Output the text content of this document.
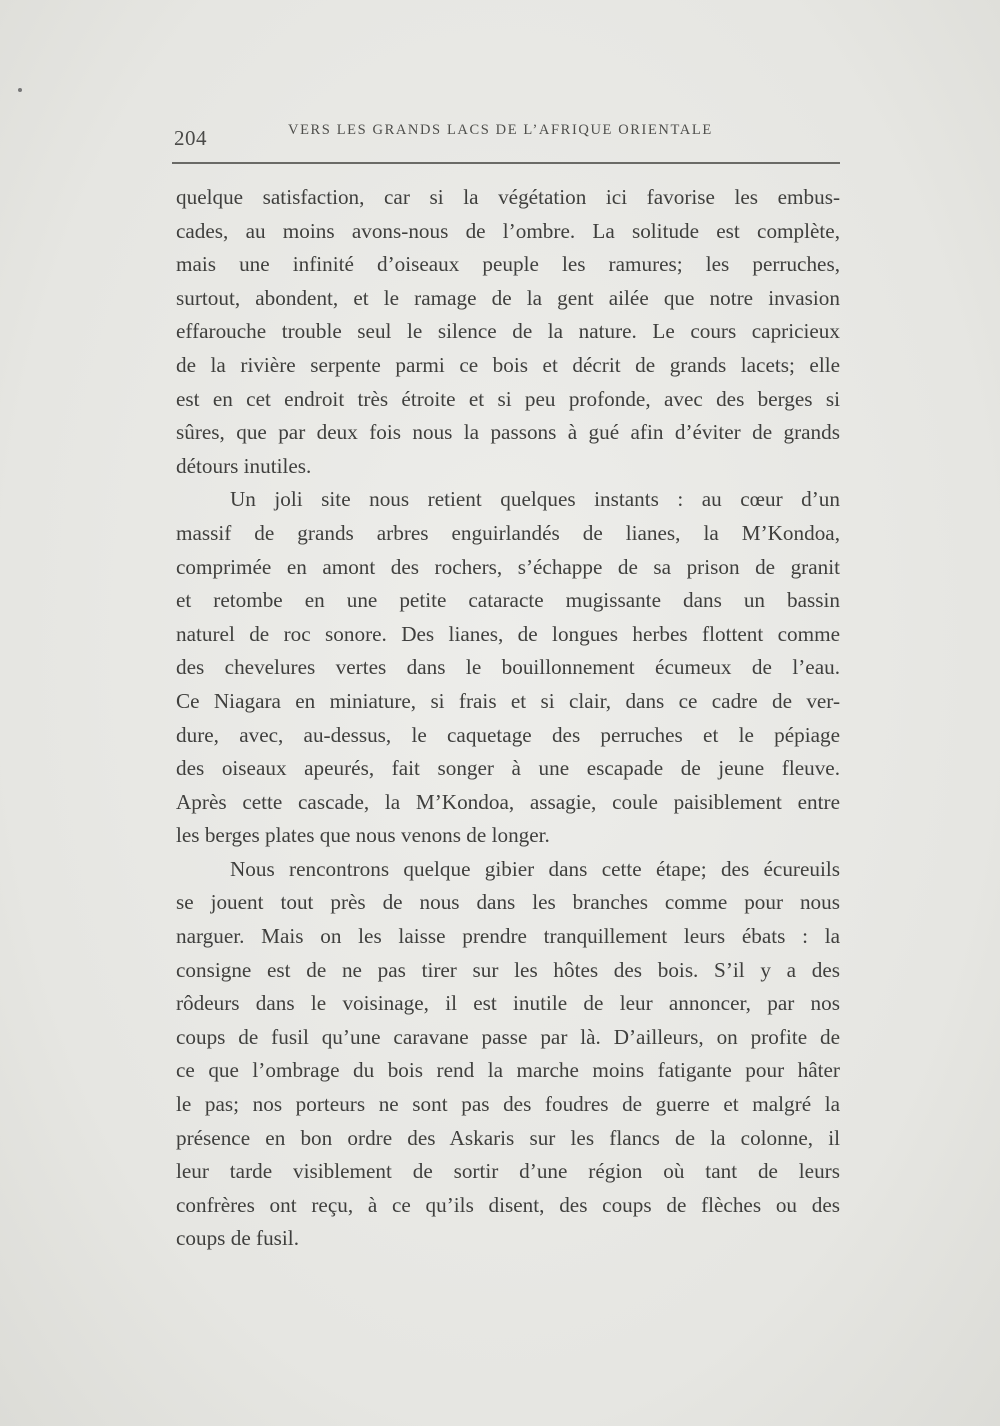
204	VERS LES GRANDS LACS DE L’AFRIQUE ORIENTALE
quelque satisfaction, car si la végétation ici favorise les embus-
cades, au moins avons-nous de l’ombre. La solitude est complète,
mais une infinité d’oiseaux peuple les ramures; les perruches,
surtout, abondent, et le ramage de la gent ailée que notre invasion
effarouche trouble seul le silence de la nature. Le cours capricieux
de la rivière serpente parmi ce bois et décrit de grands lacets; elle
est en cet endroit très étroite et si peu profonde, avec des berges si
sûres, que par deux fois nous la passons à gué afin d’éviter de grands
détours inutiles.
Un joli site nous retient quelques instants : au cœur d’un
massif de grands arbres enguirlandés de lianes, la M’Kondoa,
comprimée en amont des rochers, s’échappe de sa prison de granit
et retombe en une petite cataracte mugissante dans un bassin
naturel de roc sonore. Des lianes, de longues herbes flottent comme
des chevelures vertes dans le bouillonnement écumeux de l’eau.
Ce Niagara en miniature, si frais et si clair, dans ce cadre de ver-
dure, avec, au-dessus, le caquetage des perruches et le pépiage
des oiseaux apeurés, fait songer à une escapade de jeune fleuve.
Après cette cascade, la M’Kondoa, assagie, coule paisiblement entre
les berges plates que nous venons de longer.
Nous rencontrons quelque gibier dans cette étape; des écureuils
se jouent tout près de nous dans les branches comme pour nous
narguer. Mais on les laisse prendre tranquillement leurs ébats : la
consigne est de ne pas tirer sur les hôtes des bois. S’il y a des
rôdeurs dans le voisinage, il est inutile de leur annoncer, par nos
coups de fusil qu’une caravane passe par là. D’ailleurs, on profite de
ce que l’ombrage du bois rend la marche moins fatigante pour hâter
le pas; nos porteurs ne sont pas des foudres de guerre et malgré la
présence en bon ordre des Askaris sur les flancs de la colonne, il
leur tarde visiblement de sortir d’une région où tant de leurs
confrères ont reçu, à ce qu’ils disent, des coups de flèches ou des
coups de fusil.
